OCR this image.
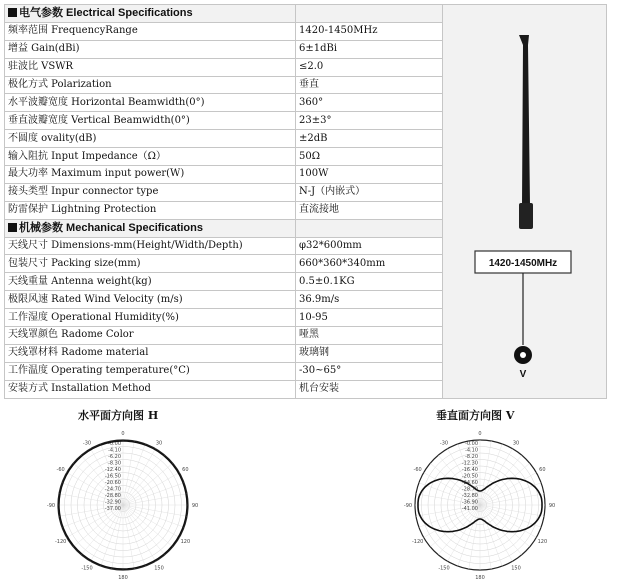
电气参数 Electrical Specifications		1420-1450MHz
V

频率范围 FrequencyRange	1420-1450MHz	
增益 Gain(dBi)	6±1dBi	
驻波比 VSWR	≤2.0	
极化方式 Polarization	垂直	
水平波瓣宽度 Horizontal Beamwidth(0°)	360°	
垂直波瓣宽度 Vertical Beamwidth(0°)	23±3°	
不圆度 ovality(dB)	±2dB	
输入阻抗 Input Impedance（Ω）	50Ω	
最大功率 Maximum input power(W)	100W	
接头类型 Inpur connector type	N-J（内嵌式）	
防雷保护 Lightning Protection	直流接地	
机械参数 Mechanical Specifications		
天线尺寸 Dimensions-mm(Height/Width/Depth)	φ32*600mm	
包装尺寸 Packing size(mm)	660*360*340mm	
天线重量 Antenna weight(kg)	0.5±0.1KG	
极限风速 Rated Wind Velocity (m/s)	36.9m/s	
工作湿度 Operational Humidity(%)	10-95	
天线罩颜色 Radome Color	哑黑	
天线罩材料 Radome material	玻璃钢	
工作温度 Operating temperature(°C)	-30~65°	
安装方式 Installation Method	机台安装	
水平面方向图 H	垂直面方向图 V
-0.00
-4.10
-6.20
-8.30
-12.40
-16.50
-20.60
-24.70
-28.80
-32.90
-37.00
0
30
60
90
120
150
180
-150
-120
-90
-60
-30	-0.00
-4.10
-8.20
-12.30
-16.40
-20.50
-24.60
-28.70
-32.80
-36.90
-41.00
0
30
60
90
120
150
180
-150
-120
-90
-60
-30
